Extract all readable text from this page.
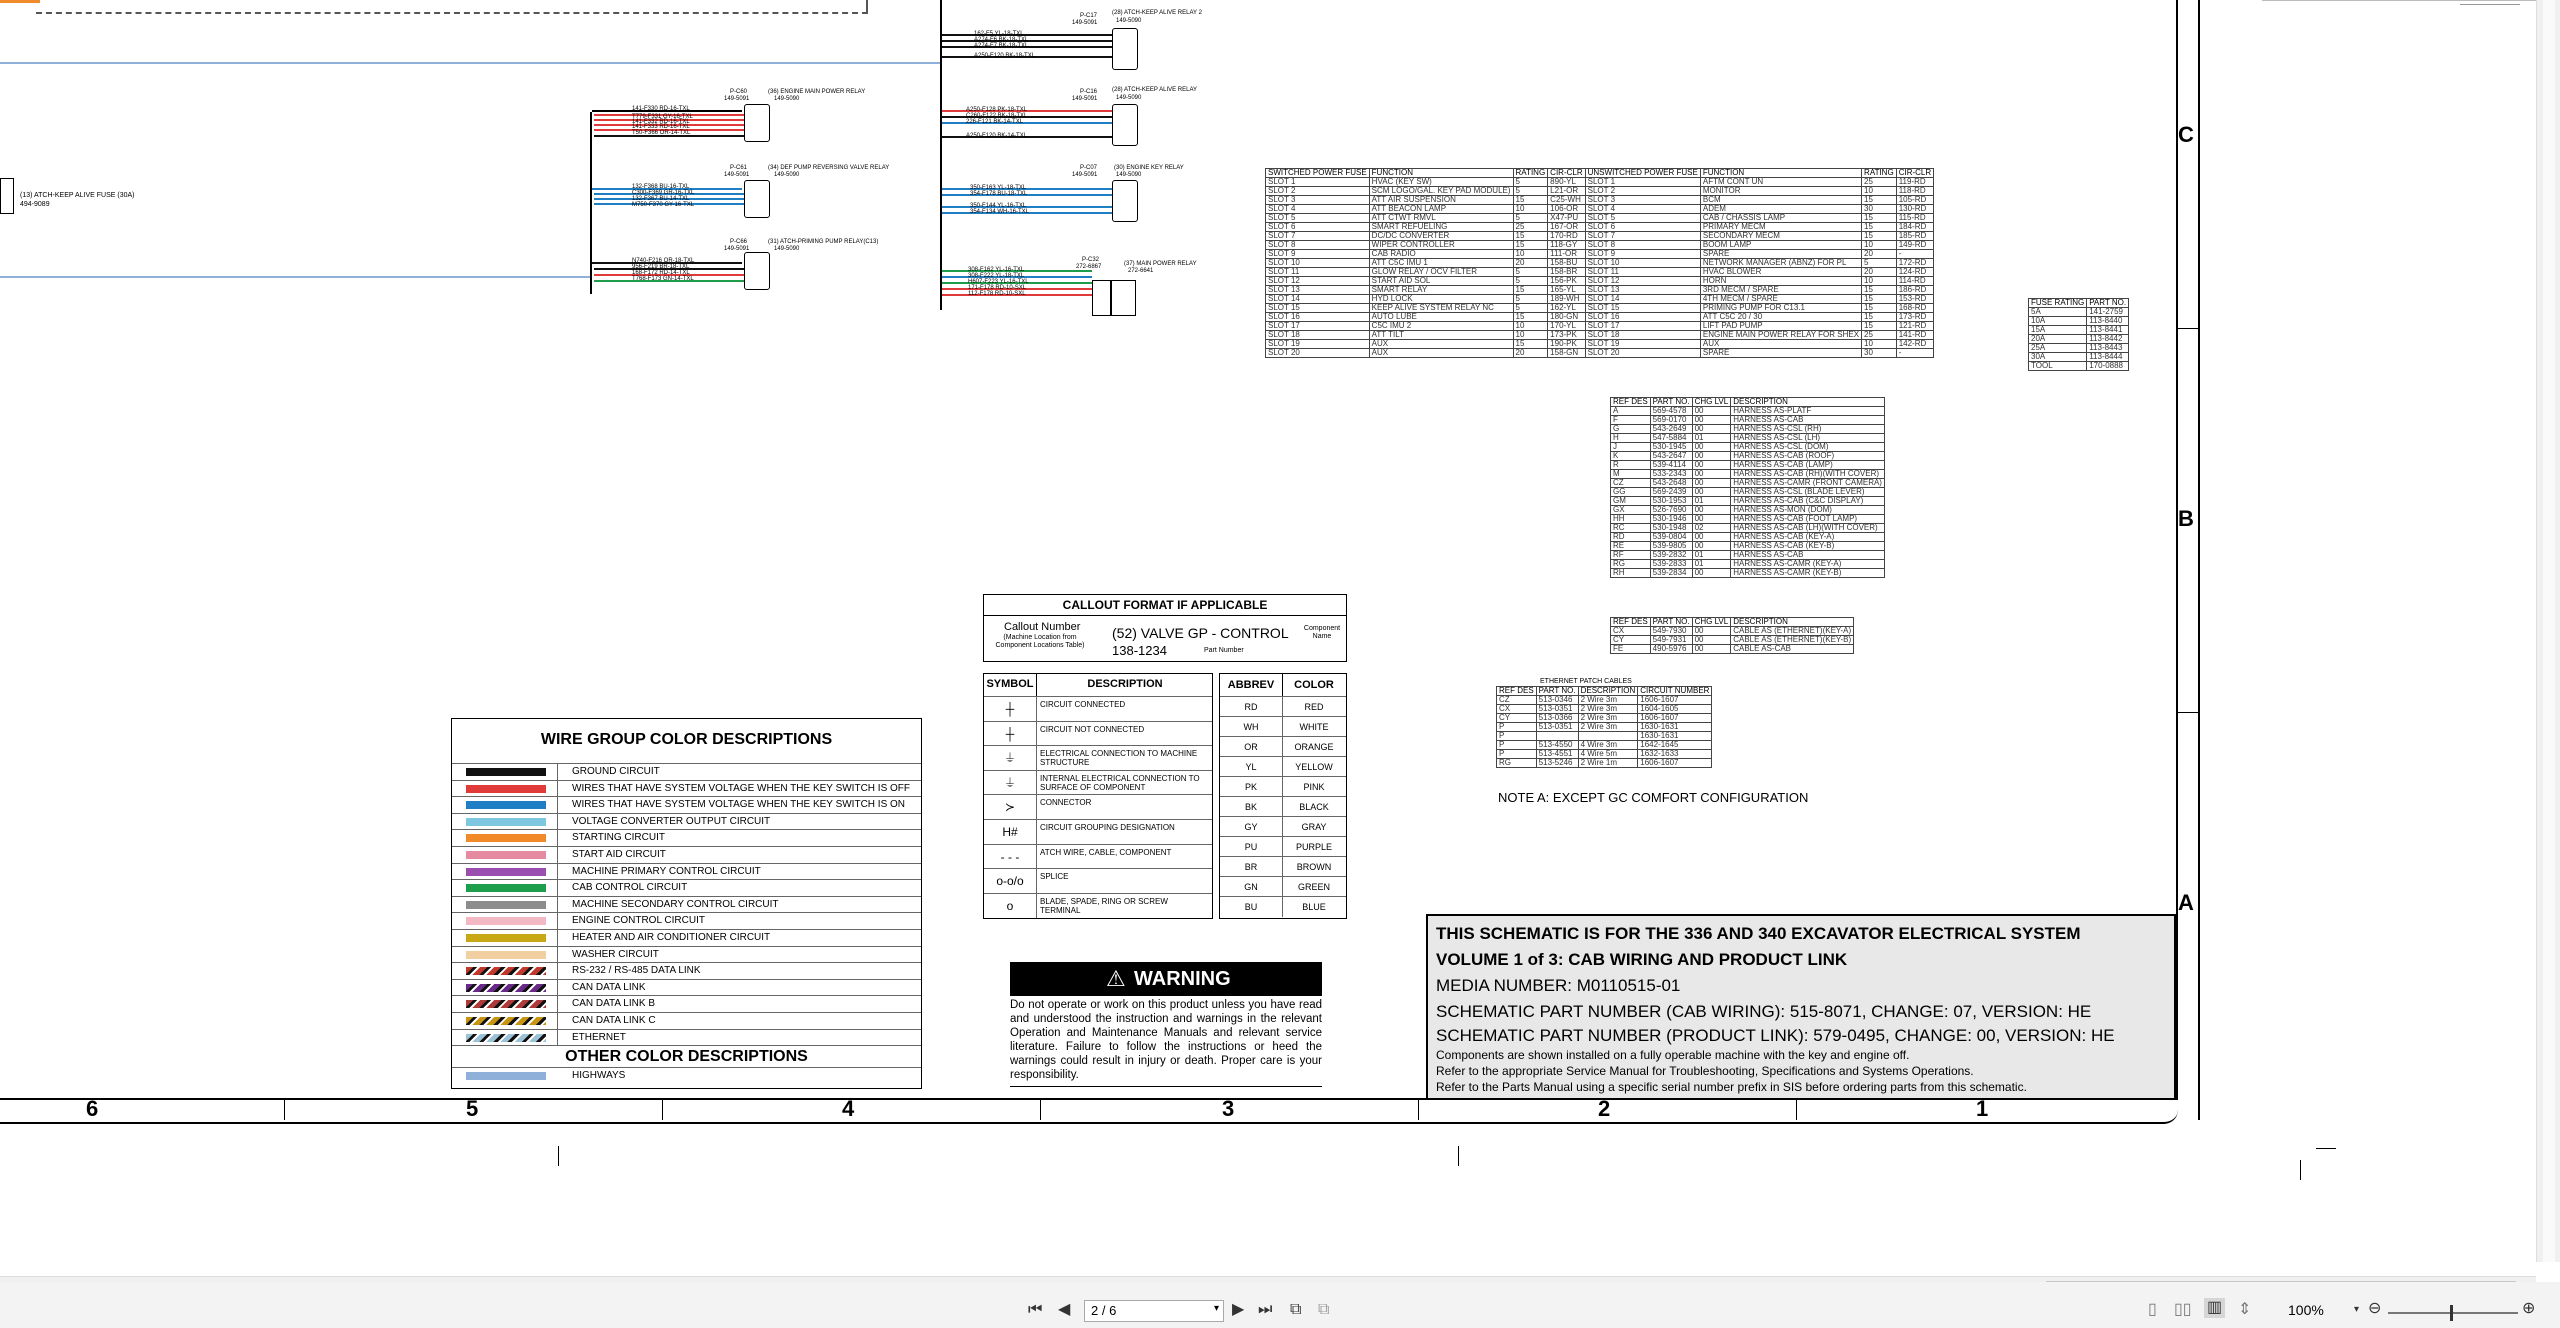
(13) ATCH-KEEP ALIVE FUSE (30A)
494-9089
141-F330 RD-16-TXL
T779-F331 GY-16-TXL
141-F332 RD-16-TXL
141-F333 RD-16-TXL
T50-F366 OR-14-TXL
P-C60
149-5091
(36) ENGINE MAIN POWER RELAY
149-5090
132-F368 BU-16-TXL
C300-F369 GR-16-TXL
132-F367 BU-14-TXL
M750-F370 GY-16-TXL
P-C61
149-5091
(34) DEF PUMP REVERSING VALVE RELAY
149-5090
N740-F216 OR-18-TXL
956-F219 BR-18-TXL
168-F172 RD-14-TXL
T768-F173 GN-14-TXL
P-C66
149-5091
(31) ATCH-PRIMING PUMP RELAY(C13)
149-5090
162-F5 YL-18-TXL
A274-F6 BK-18-TXL
A274-F7 BK-18-TXL
A250-F120 BK-18-TXL
P-C17
149-5091
(28) ATCH-KEEP ALIVE RELAY 2
149-5090
A250-F128 PK-18-TXL
C260-F122 BK-18-TXL
226-F121 BK-14-TXL
A250-F120 BK-14-TXL
P-C16
149-5091
(28) ATCH-KEEP ALIVE RELAY
149-5090
350-F163 YL-18-TXL
354-F178 BU-18-TXL
350-F144 YL-16-TXL
354-F134 WH-16-TXL
P-C07
149-5091
(30) ENGINE KEY RELAY
149-5090
308-F162 YL-16-TXL
308-F222 YL-18-TXL
H607-F223 YL-16-TXL
171-F178 RD-10-SXL
112-F178 RD-10-SXL
P-C32
272-6867	(37) MAIN POWER RELAY
272-6641
SWITCHED POWER FUSE	FUNCTION	RATING	CIR-CLR	UNSWITCHED POWER FUSE	FUNCTION	RATING	CIR-CLR
SLOT 1	HVAC (KEY SW)	5	890-YL	SLOT 1	AFTM CONT UN	25	119-RD
SLOT 2	SCM LOGO/GAL. KEY PAD MODULE)	5	L21-OR	SLOT 2	MONITOR	10	118-RD
SLOT 3	ATT AIR SUSPENSION	15	C25-WH	SLOT 3	BCM	15	105-RD
SLOT 4	ATT BEACON LAMP	10	106-OR	SLOT 4	ADEM	30	130-RD
SLOT 5	ATT CTWT RMVL	5	X47-PU	SLOT 5	CAB / CHASSIS LAMP	15	115-RD
SLOT 6	SMART REFUELING	25	167-OR	SLOT 6	PRIMARY MECM	15	184-RD
SLOT 7	DC/DC CONVERTER	15	170-RD	SLOT 7	SECONDARY MECM	15	185-RD
SLOT 8	WIPER CONTROLLER	15	118-GY	SLOT 8	BOOM LAMP	10	149-RD
SLOT 9	CAB RADIO	10	111-OR	SLOT 9	SPARE	20	-
SLOT 10	ATT C5C IMU 1	20	158-BU	SLOT 10	NETWORK MANAGER (ABNZ) FOR PL	5	172-RD
SLOT 11	GLOW RELAY / OCV FILTER	5	158-BR	SLOT 11	HVAC BLOWER	20	124-RD
SLOT 12	START AID SOL	5	156-PK	SLOT 12	HORN	10	114-RD
SLOT 13	SMART RELAY	15	165-YL	SLOT 13	3RD MECM / SPARE	15	186-RD
SLOT 14	HYD LOCK	5	189-WH	SLOT 14	4TH MECM / SPARE	15	153-RD
SLOT 15	KEEP ALIVE SYSTEM RELAY NC	5	162-YL	SLOT 15	PRIMING PUMP FOR C13.1	15	168-RD
SLOT 16	AUTO LUBE	15	180-GN	SLOT 16	ATT C5C 20 / 30	15	173-RD
SLOT 17	C5C IMU 2	10	170-YL	SLOT 17	LIFT PAD PUMP	15	121-RD
SLOT 18	ATT TILT	10	173-PK	SLOT 18	ENGINE MAIN POWER RELAY FOR SHEX	25	141-RD
SLOT 19	AUX	15	190-PK	SLOT 19	AUX	10	142-RD
SLOT 20	AUX	20	158-GN	SLOT 20	SPARE	30	-
FUSE RATING	PART NO.
5A	141-2759
10A	113-8440
15A	113-8441
20A	113-8442
25A	113-8443
30A	113-8444
TOOL	170-0888
REF DES	PART NO.	CHG LVL	DESCRIPTION
A	569-4578	00	HARNESS AS-PLATF
F	569-0170	00	HARNESS AS-CAB
G	543-2649	00	HARNESS AS-CSL (RH)
H	547-5884	01	HARNESS AS-CSL (LH)
J	530-1945	00	HARNESS AS-CSL (DOM)
K	543-2647	00	HARNESS AS-CAB (ROOF)
R	539-4114	00	HARNESS AS-CAB (LAMP)
M	533-2343	00	HARNESS AS-CAB (RH)(WITH COVER)
CZ	543-2648	00	HARNESS AS-CAMR (FRONT CAMERA)
GG	569-2439	00	HARNESS AS-CSL (BLADE LEVER)
GM	530-1953	01	HARNESS AS-CAB (C&C DISPLAY)
GX	526-7690	00	HARNESS AS-MON (DOM)
HH	530-1946	00	HARNESS AS-CAB (FOOT LAMP)
RC	530-1948	02	HARNESS AS-CAB (LH)(WITH COVER)
RD	539-0804	00	HARNESS AS-CAB (KEY-A)
RE	539-9805	00	HARNESS AS-CAB (KEY-B)
RF	539-2832	01	HARNESS AS-CAB
RG	539-2833	01	HARNESS AS-CAMR (KEY-A)
RH	539-2834	00	HARNESS AS-CAMR (KEY-B)
REF DES	PART NO.	CHG LVL	DESCRIPTION
CX	549-7930	00	CABLE AS (ETHERNET)(KEY-A)
CY	549-7931	00	CABLE AS (ETHERNET)(KEY-B)
FE	490-5976	00	CABLE AS-CAB
ETHERNET PATCH CABLES
REF DES	PART NO.	DESCRIPTION	CIRCUIT NUMBER
CZ	513-0346	2 Wire 3m	1606-1607
CX	513-0351	2 Wire 3m	1604-1605
CY	513-0366	2 Wire 3m	1606-1607
P	513-0351	2 Wire 3m	1630-1631
P			1630-1631
P	513-4550	4 Wire 3m	1642-1645
P	513-4551	4 Wire 5m	1632-1633
RG	513-5246	2 Wire 1m	1606-1607
NOTE A: EXCEPT GC COMFORT CONFIGURATION
CALLOUT FORMAT IF APPLICABLE
Callout Number
(Machine Location from Component Locations Table)
(52) VALVE GP - CONTROL
138-1234	Part Number
Component Name
SYMBOL	DESCRIPTION
┼	CIRCUIT CONNECTED
┼	CIRCUIT NOT CONNECTED
⏚	ELECTRICAL CONNECTION TO MACHINE STRUCTURE
⏚	INTERNAL ELECTRICAL CONNECTION TO SURFACE OF COMPONENT
≻	CONNECTOR
H#	CIRCUIT GROUPING DESIGNATION
- - -	ATCH WIRE, CABLE, COMPONENT
o-o/o	SPLICE
o	BLADE, SPADE, RING OR SCREW TERMINAL
ABBREV	COLOR
RD	RED
WH	WHITE
OR	ORANGE
YL	YELLOW
PK	PINK
BK	BLACK
GY	GRAY
PU	PURPLE
BR	BROWN
GN	GREEN
BU	BLUE
WIRE GROUP COLOR DESCRIPTIONS
GROUND CIRCUIT
WIRES THAT HAVE SYSTEM VOLTAGE WHEN THE KEY SWITCH IS OFF
WIRES THAT HAVE SYSTEM VOLTAGE WHEN THE KEY SWITCH IS ON
VOLTAGE CONVERTER OUTPUT CIRCUIT
STARTING CIRCUIT
START AID CIRCUIT
MACHINE PRIMARY CONTROL CIRCUIT
CAB CONTROL CIRCUIT
MACHINE SECONDARY CONTROL CIRCUIT
ENGINE CONTROL CIRCUIT
HEATER AND AIR CONDITIONER CIRCUIT
WASHER CIRCUIT
RS-232 / RS-485 DATA LINK
CAN DATA LINK
CAN DATA LINK B
CAN DATA LINK C
ETHERNET
OTHER COLOR DESCRIPTIONS
HIGHWAYS
⚠ WARNING
Do not operate or work on this product unless you have read and understood the instruction and warnings in the relevant Operation and Maintenance Manuals and relevant service literature. Failure to follow the instructions or heed the warnings could result in injury or death. Proper care is your responsibility.
THIS SCHEMATIC IS FOR THE 336 AND 340 EXCAVATOR ELECTRICAL SYSTEM
VOLUME 1 of 3: CAB WIRING AND PRODUCT LINK
MEDIA NUMBER: M0110515-01
SCHEMATIC PART NUMBER (CAB WIRING): 515-8071, CHANGE: 07, VERSION: HE
SCHEMATIC PART NUMBER (PRODUCT LINK): 579-0495, CHANGE: 00, VERSION: HE
Components are shown installed on a fully operable machine with the key and engine off.
Refer to the appropriate Service Manual for Troubleshooting, Specifications and Systems Operations.
Refer to the Parts Manual using a specific serial number prefix in SIS before ordering parts from this schematic.
C
B
A
6	5	4	3	2	1
⏮ ◀ 2 / 6	▾ ▶ ⏭ ⧉ ⧉	▯ ▯▯ ▥ ⇕	100%	▾ ⊖	⊕
